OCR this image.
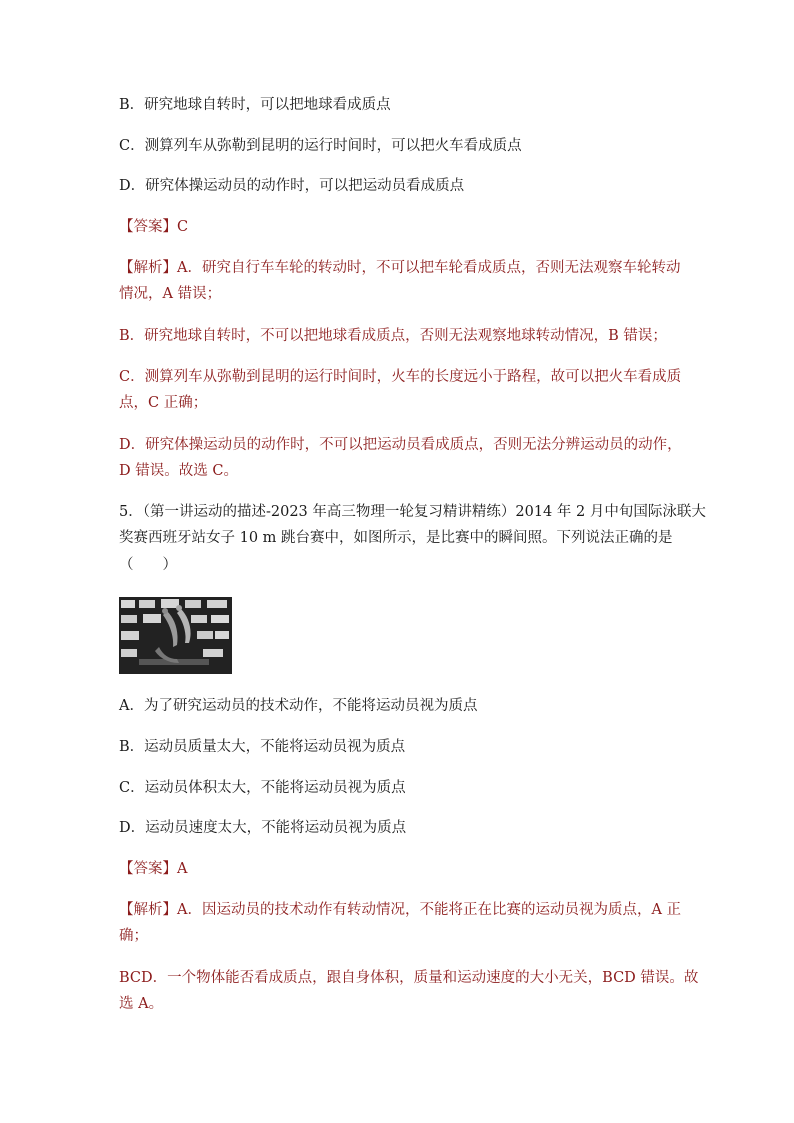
B．研究地球自转时，可以把地球看成质点
C．测算列车从弥勒到昆明的运行时间时，可以把火车看成质点
D．研究体操运动员的动作时，可以把运动员看成质点
【答案】C
【解析】A．研究自行车车轮的转动时，不可以把车轮看成质点，否则无法观察车轮转动
情况，A 错误；
B．研究地球自转时，不可以把地球看成质点，否则无法观察地球转动情况，B 错误；
C．测算列车从弥勒到昆明的运行时间时，火车的长度远小于路程，故可以把火车看成质
点，C 正确；
D．研究体操运动员的动作时，不可以把运动员看成质点，否则无法分辨运动员的动作，
D 错误。故选 C。
5．（第一讲运动的描述-2023 年高三物理一轮复习精讲精练）2014 年 2 月中旬国际泳联大
奖赛西班牙站女子 10 m 跳台赛中，如图所示，是比赛中的瞬间照。下列说法正确的是
（　　）
A．为了研究运动员的技术动作，不能将运动员视为质点
B．运动员质量太大，不能将运动员视为质点
C．运动员体积太大，不能将运动员视为质点
D．运动员速度太大，不能将运动员视为质点
【答案】A
【解析】A．因运动员的技术动作有转动情况，不能将正在比赛的运动员视为质点，A 正
确；
BCD．一个物体能否看成质点，跟自身体积，质量和运动速度的大小无关，BCD 错误。故
选 A。
